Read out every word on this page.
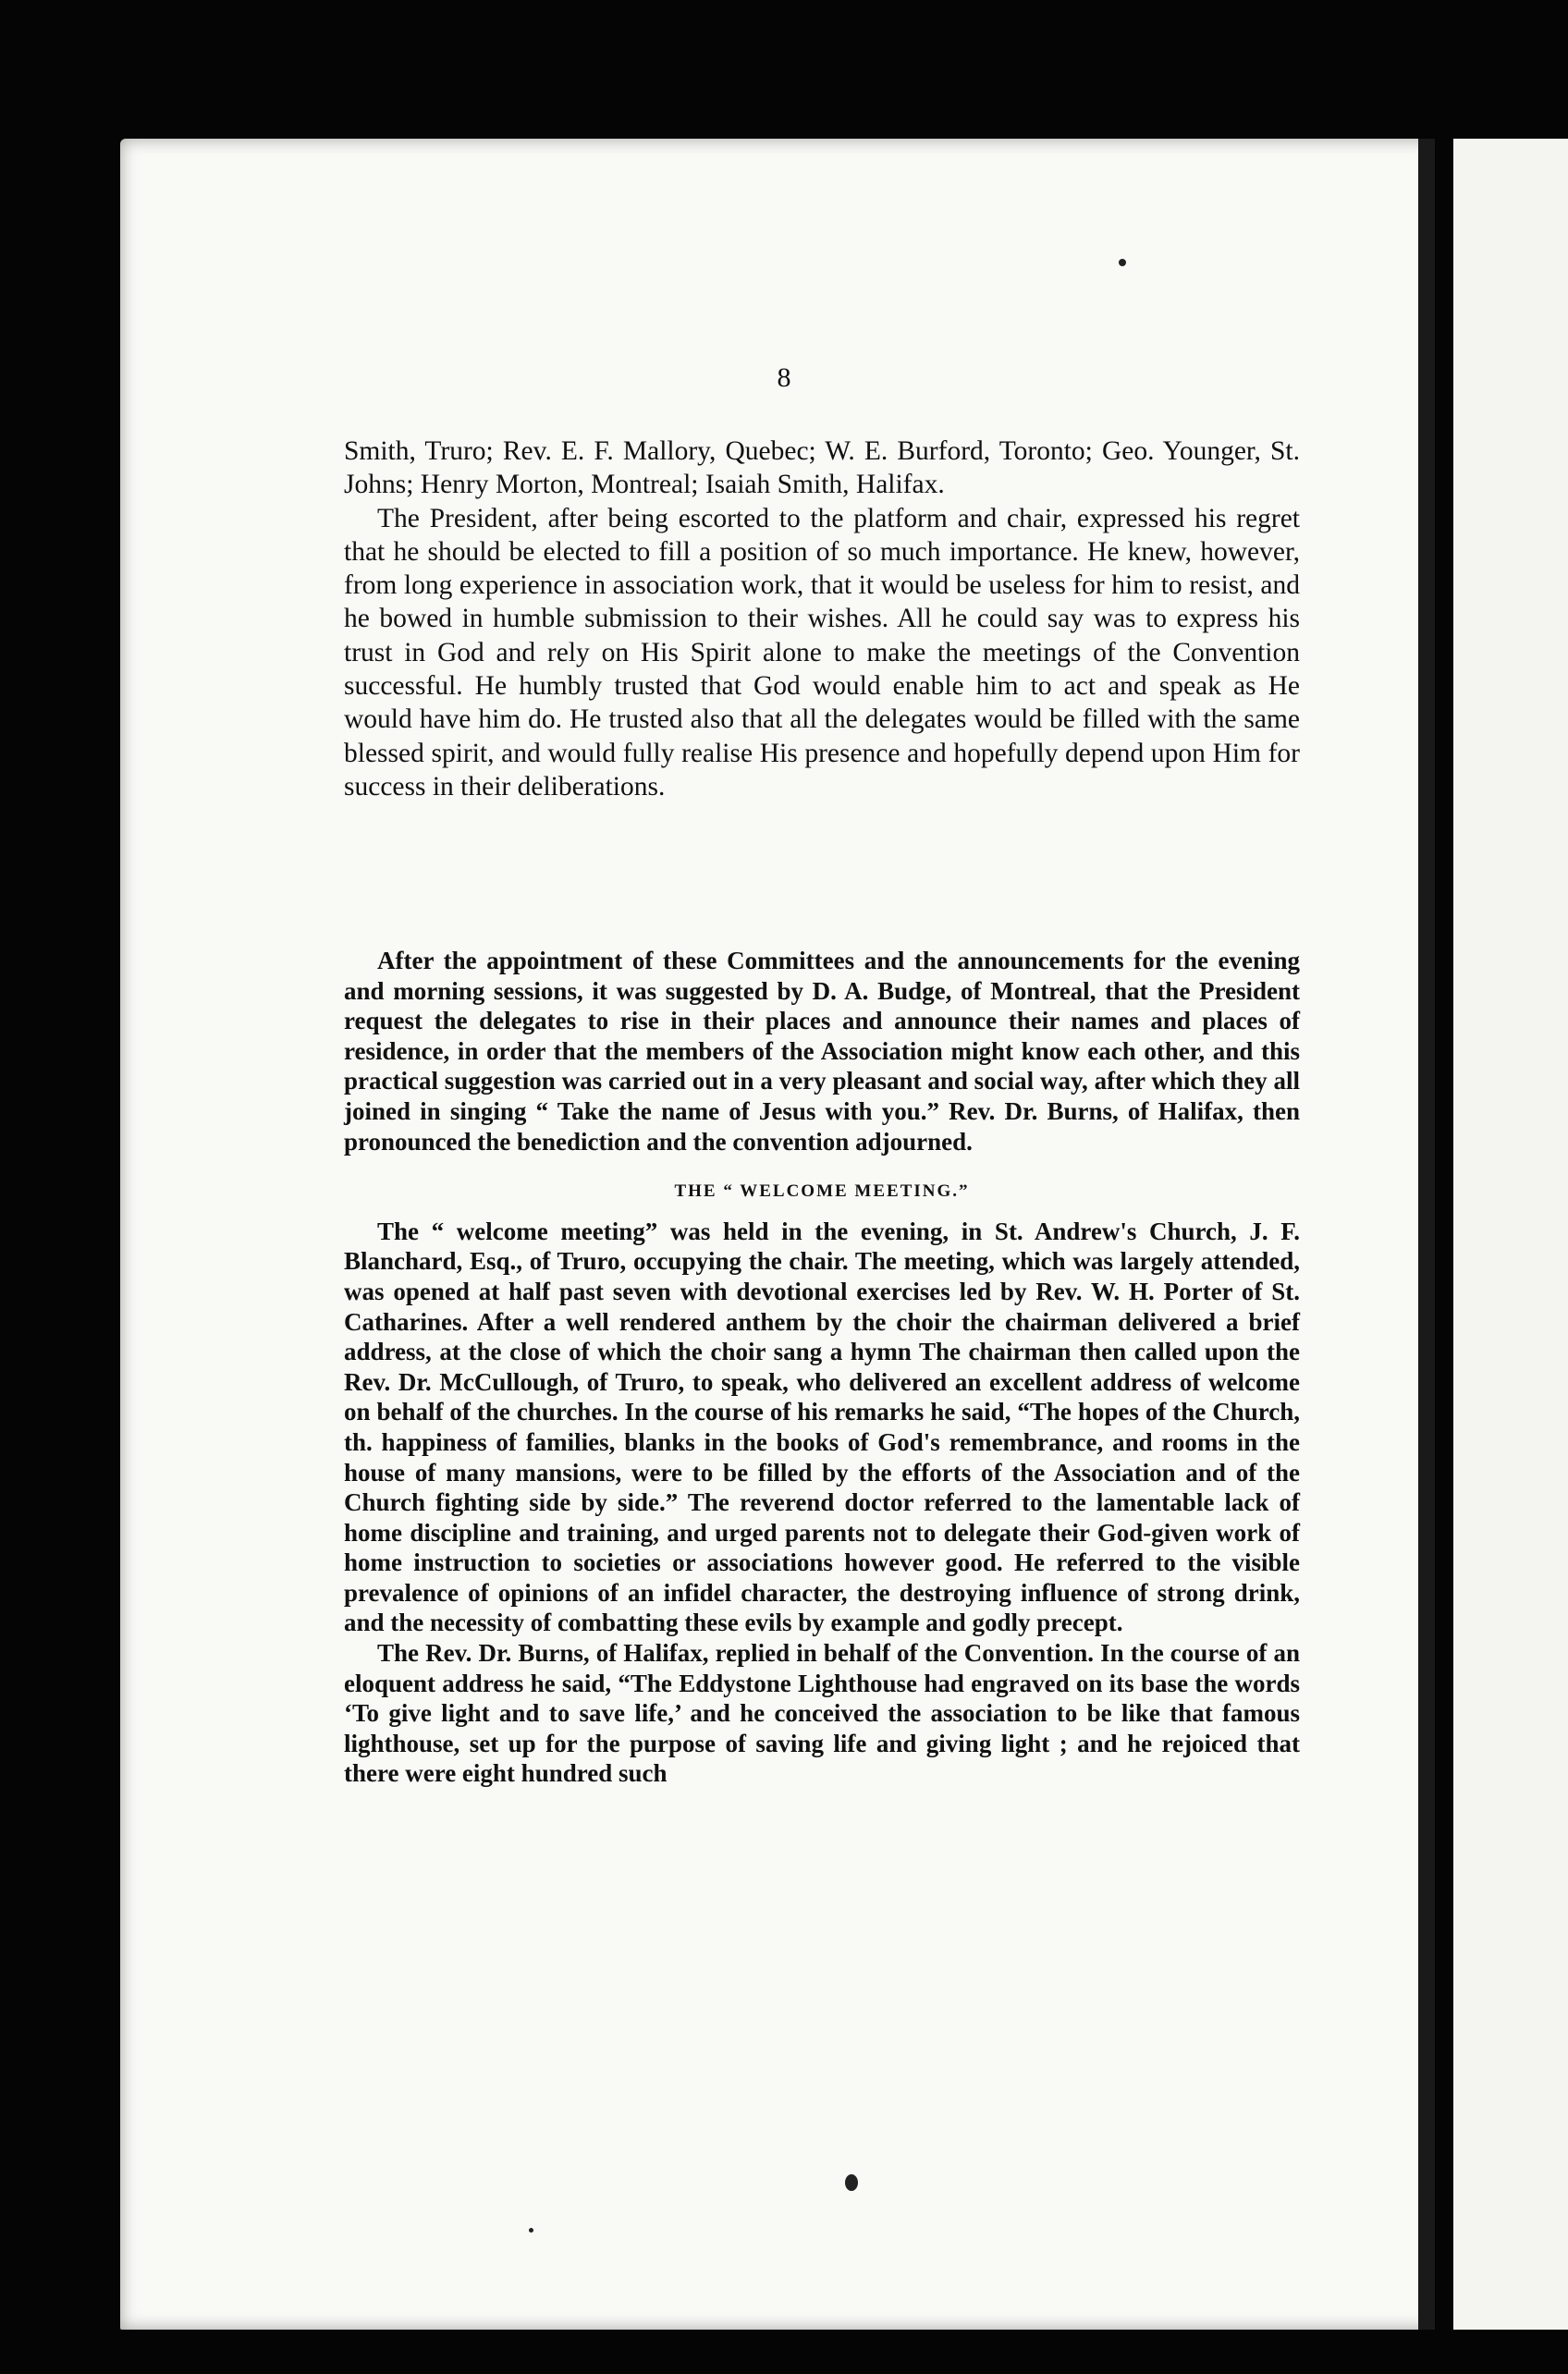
8

Smith, Truro; Rev. E. F. Mallory, Quebec; W. E. Burford, Toronto; Geo. Younger, St. Johns; Henry Morton, Montreal; Isaiah Smith, Halifax.

The President, after being escorted to the platform and chair, expressed his regret that he should be elected to fill a position of so much importance. He knew, however, from long experience in association work, that it would be useless for him to resist, and he bowed in humble submission to their wishes. All he could say was to express his trust in God and rely on His Spirit alone to make the meetings of the Convention successful. He humbly trusted that God would enable him to act and speak as He would have him do. He trusted also that all the delegates would be filled with the same blessed spirit, and would fully realise His presence and hopefully depend upon Him for success in their deliberations.

After the appointment of these Committees and the announcements for the evening and morning sessions, it was suggested by D. A. Budge, of Montreal, that the President request the delegates to rise in their places and announce their names and places of residence, in order that the members of the Association might know each other, and this practical suggestion was carried out in a very pleasant and social way, after which they all joined in singing “ Take the name of Jesus with you.” Rev. Dr. Burns, of Halifax, then pronounced the benediction and the convention adjourned.

THE “ WELCOME MEETING.”

The “ welcome meeting” was held in the evening, in St. Andrew's Church, J. F. Blanchard, Esq., of Truro, occupying the chair. The meeting, which was largely attended, was opened at half past seven with devotional exercises led by Rev. W. H. Porter of St. Catharines. After a well rendered anthem by the choir the chairman delivered a brief address, at the close of which the choir sang a hymn The chairman then called upon the Rev. Dr. McCullough, of Truro, to speak, who delivered an excellent address of welcome on behalf of the churches. In the course of his remarks he said, “The hopes of the Church, th. happiness of families, blanks in the books of God's remembrance, and rooms in the house of many mansions, were to be filled by the efforts of the Association and of the Church fighting side by side.” The reverend doctor referred to the lamentable lack of home discipline and training, and urged parents not to delegate their God-given work of home instruction to societies or associations however good. He referred to the visible prevalence of opinions of an infidel character, the destroying influence of strong drink, and the necessity of combatting these evils by example and godly precept.

The Rev. Dr. Burns, of Halifax, replied in behalf of the Convention. In the course of an eloquent address he said, “The Eddystone Lighthouse had engraved on its base the words ‘To give light and to save life,’ and he conceived the association to be like that famous lighthouse, set up for the purpose of saving life and giving light ; and he rejoiced that there were eight hundred such
